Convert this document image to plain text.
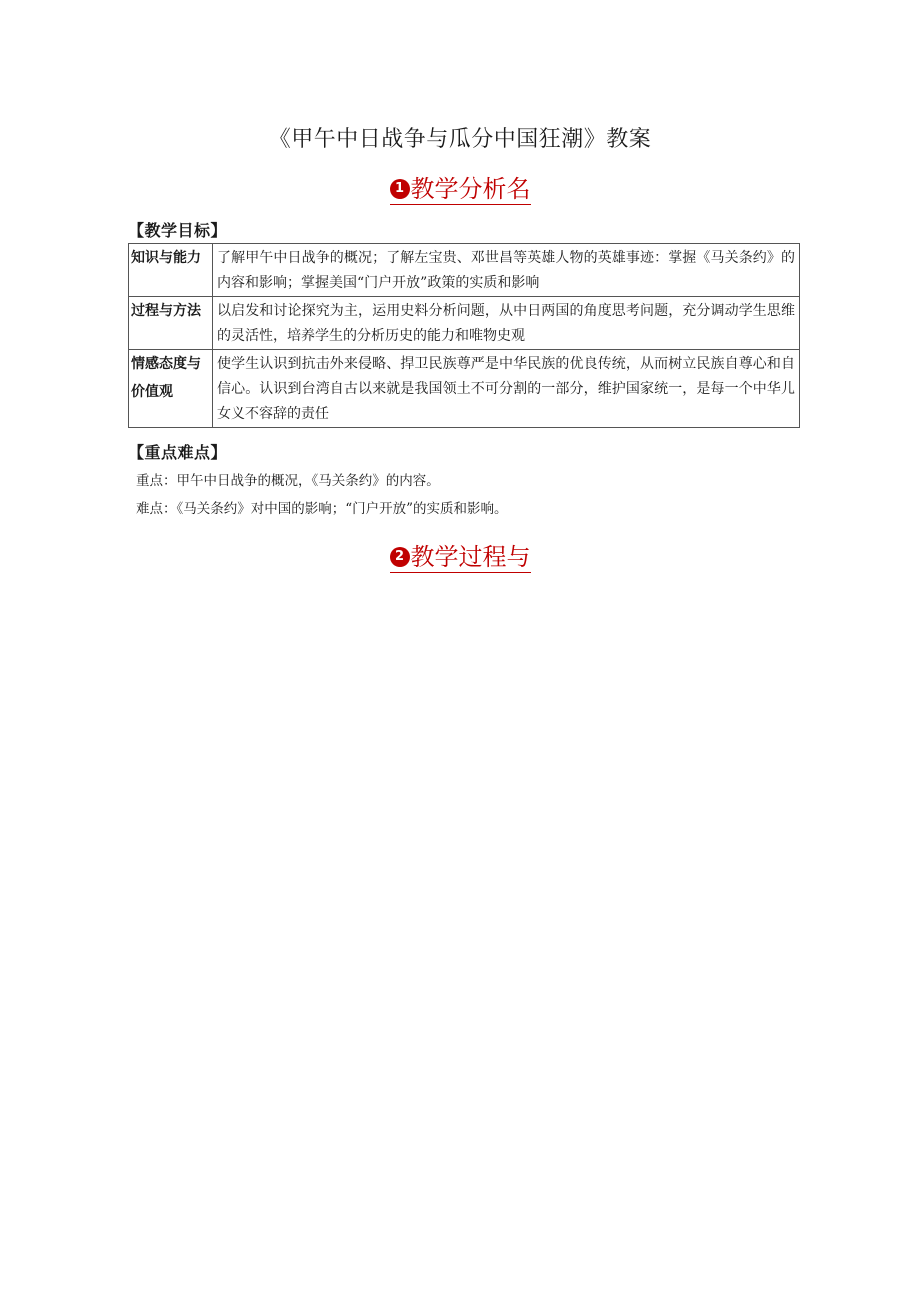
《甲午中日战争与瓜分中国狂潮》教案
1 教学分析名
【教学目标】
知识与能力	了解甲午中日战争的概况；了解左宝贵、邓世昌等英雄人物的英雄事迹：掌握《马关条约》的内容和影响；掌握美国“门户开放”政策的实质和影响
过程与方法	以启发和讨论探究为主，运用史料分析问题，从中日两国的角度思考问题，充分调动学生思维的灵活性，培养学生的分析历史的能力和唯物史观
情感态度与价值观	使学生认识到抗击外来侵略、捍卫民族尊严是中华民族的优良传统，从而树立民族自尊心和自信心。认识到台湾自古以来就是我国领土不可分割的一部分，维护国家统一，是每一个中华儿女义不容辞的责任
【重点难点】
重点：甲午中日战争的概况，《马关条约》的内容。
难点：《马关条约》对中国的影响；“门户开放”的实质和影响。
2 教学过程与
